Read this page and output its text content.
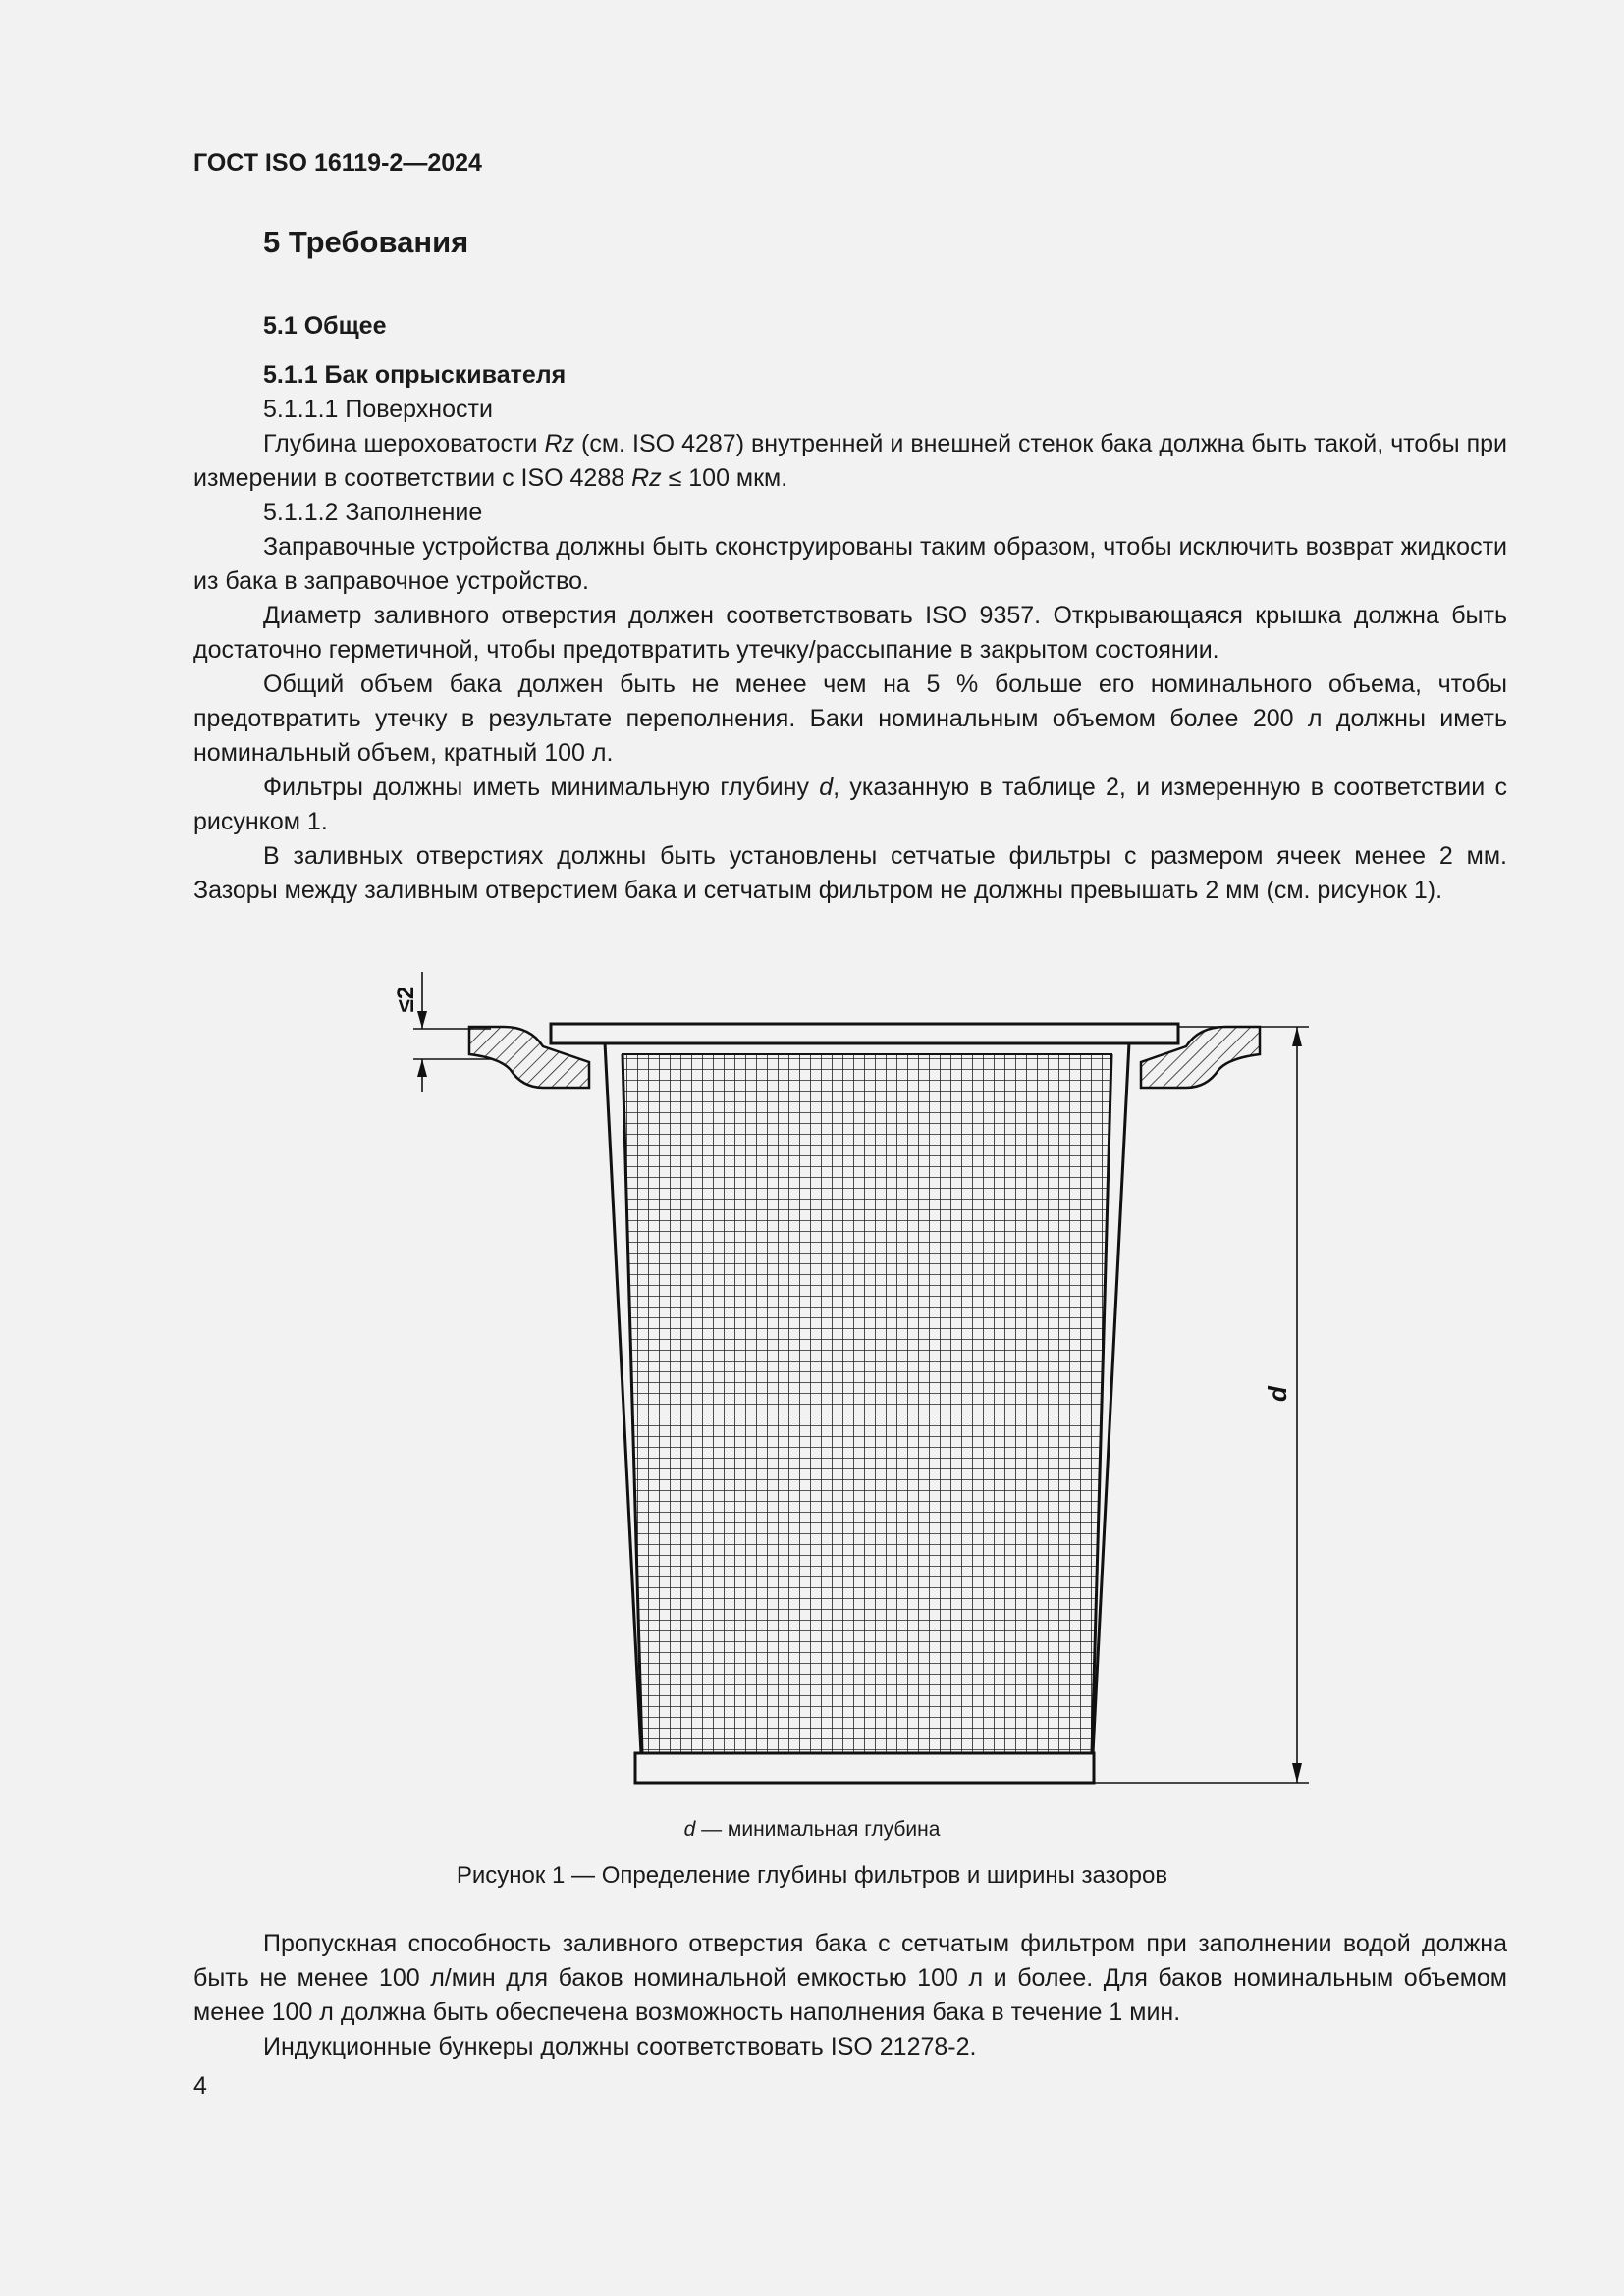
ГОСТ ISO 16119-2—2024
5 Требования
5.1 Общее

5.1.1 Бак опрыскивателя

5.1.1.1 Поверхности

Глубина шероховатости Rz (см. ISO 4287) внутренней и внешней стенок бака должна быть такой, чтобы при измерении в соответствии с ISO 4288 Rz ≤ 100 мкм.

5.1.1.2 Заполнение

Заправочные устройства должны быть сконструированы таким образом, чтобы исключить возврат жидкости из бака в заправочное устройство.

Диаметр заливного отверстия должен соответствовать ISO 9357. Открывающаяся крышка должна быть достаточно герметичной, чтобы предотвратить утечку/рассыпание в закрытом состоянии.

Общий объем бака должен быть не менее чем на 5 % больше его номинального объема, чтобы предотвратить утечку в результате переполнения. Баки номинальным объемом более 200 л должны иметь номинальный объем, кратный 100 л.

Фильтры должны иметь минимальную глубину d, указанную в таблице 2, и измеренную в соответствии с рисунком 1.

В заливных отверстиях должны быть установлены сетчатые фильтры с размером ячеек менее 2 мм. Зазоры между заливным отверстием бака и сетчатым фильтром не должны превышать 2 мм (см. рисунок 1).

≤2
d
d — минимальная глубина
Рисунок 1 — Определение глубины фильтров и ширины зазоров

Пропускная способность заливного отверстия бака с сетчатым фильтром при заполнении водой должна быть не менее 100 л/мин для баков номинальной емкостью 100 л и более. Для баков номинальным объемом менее 100 л должна быть обеспечена возможность наполнения бака в течение 1 мин.

Индукционные бункеры должны соответствовать ISO 21278-2.

4
